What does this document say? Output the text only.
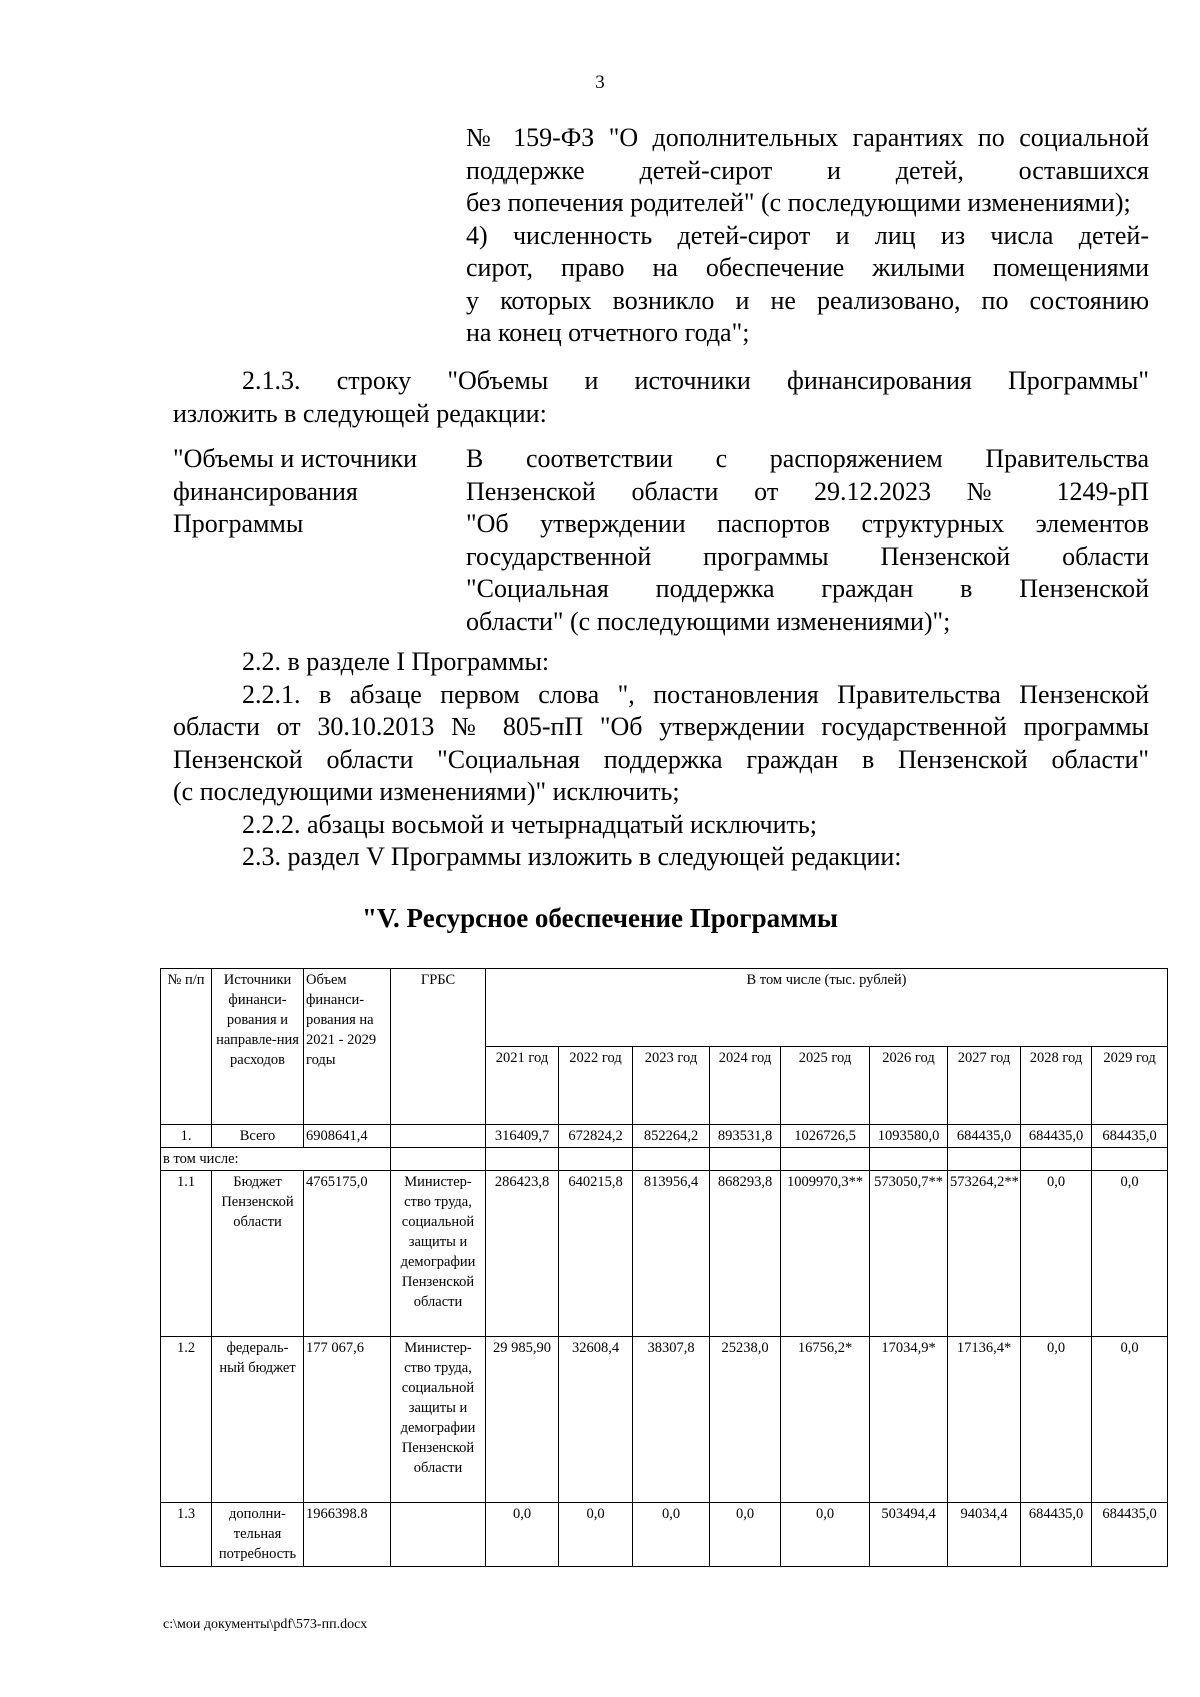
3
№ 159-ФЗ "О дополнительных гарантиях по социальной
поддержке детей-сирот и детей, оставшихся
без попечения родителей" (с последующими изменениями);
4) численность детей-сирот и лиц из числа детей-
сирот, право на обеспечение жилыми помещениями
у которых возникло и не реализовано, по состоянию
на конец отчетного года";
2.1.3. строку "Объемы и источники финансирования Программы"
изложить в следующей редакции:
"Объемы и источники
финансирования
Программы
В соответствии с распоряжением Правительства
Пензенской области от 29.12.2023 № 1249-рП
"Об утверждении паспортов структурных элементов
государственной программы Пензенской области
"Социальная поддержка граждан в Пензенской
области" (с последующими изменениями)";
2.2. в разделе I Программы:
2.2.1. в абзаце первом слова ", постановления Правительства Пензенской
области от 30.10.2013 № 805-пП "Об утверждении государственной программы
Пензенской области "Социальная поддержка граждан в Пензенской области"
(с последующими изменениями)" исключить;
2.2.2. абзацы восьмой и четырнадцатый исключить;
2.3. раздел V Программы изложить в следующей редакции:
"V. Ресурсное обеспечение Программы
№ п/п	Источники финанси-рования и направле-ния расходов	Объем финанси-рования на 2021 - 2029 годы	ГРБС	В том числе (тыс. рублей)								
				2021 год	2022 год	2023 год	2024 год	2025 год	2026 год	2027 год	2028 год	2029 год
1.	Всего	6908641,4		316409,7	672824,2	852264,2	893531,8	1026726,5	1093580,0	684435,0	684435,0	684435,0
в том числе:												
1.1	Бюджет Пензенской области	4765175,0	Министер-ство труда, социальной защиты и демографии Пензенской области	286423,8	640215,8	813956,4	868293,8	1009970,3**	573050,7**	573264,2**	0,0	0,0
1.2	федераль-ный бюджет	177 067,6	Министер-ство труда, социальной защиты и демографии Пензенской области	29 985,90	32608,4	38307,8	25238,0	16756,2*	17034,9*	17136,4*	0,0	0,0
1.3	дополни-тельная потребность	1966398.8		0,0	0,0	0,0	0,0	0,0	503494,4	94034,4	684435,0	684435,0
c:\мои документы\pdf\573-пп.docx
